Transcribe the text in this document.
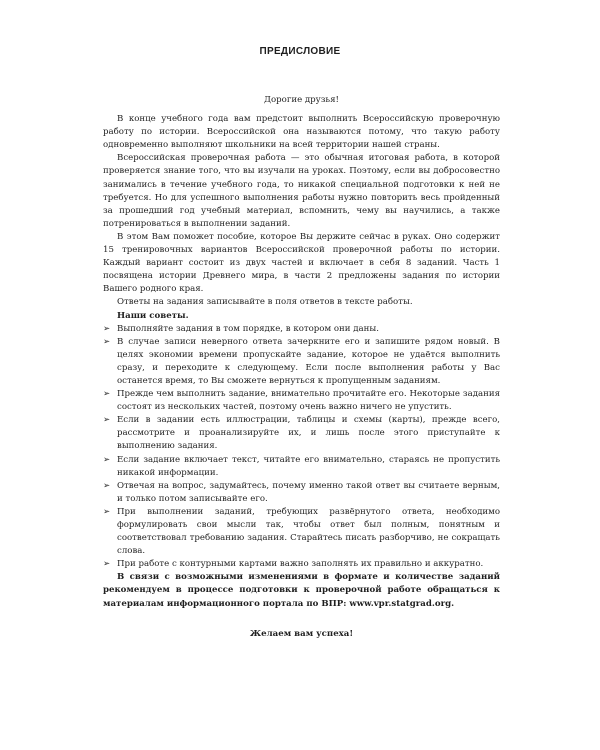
ПРЕДИСЛОВИЕ

Дорогие друзья!

В конце учебного года вам предстоит выполнить Всероссийскую проверочную работу по истории. Всероссийской она называются потому, что такую работу одновременно выполняют школьники на всей территории нашей страны.

Всероссийская проверочная работа — это обычная итоговая работа, в которой проверяется знание того, что вы изучали на уроках. Поэтому, если вы добросовестно занимались в течение учебного года, то никакой специальной подготовки к ней не требуется. Но для успешного выполнения работы нужно повторить весь пройденный за прошедший год учебный материал, вспомнить, чему вы научились, а также потренироваться в выполнении заданий.

В этом Вам поможет пособие, которое Вы держите сейчас в руках. Оно содержит 15 тренировочных вариантов Всероссийской проверочной работы по истории. Каждый вариант состоит из двух частей и включает в себя 8 заданий. Часть 1 посвящена истории Древнего мира, в части 2 предложены задания по истории Вашего родного края.

Ответы на задания записывайте в поля ответов в тексте работы.

Наши советы.

➢ Выполняйте задания в том порядке, в котором они даны.
➢ В случае записи неверного ответа зачеркните его и запишите рядом новый. В целях экономии времени пропускайте задание, которое не удаётся выполнить сразу, и переходите к следующему. Если после выполнения работы у Вас останется время, то Вы сможете вернуться к пропущенным заданиям.
➢ Прежде чем выполнить задание, внимательно прочитайте его. Некоторые задания состоят из нескольких частей, поэтому очень важно ничего не упустить.
➢ Если в задании есть иллюстрации, таблицы и схемы (карты), прежде всего, рассмотрите и проанализируйте их, и лишь после этого приступайте к выполнению задания.
➢ Если задание включает текст, читайте его внимательно, стараясь не пропустить никакой информации.
➢ Отвечая на вопрос, задумайтесь, почему именно такой ответ вы считаете верным, и только потом записывайте его.
➢ При выполнении заданий, требующих развёрнутого ответа, необходимо формулировать свои мысли так, чтобы ответ был полным, понятным и соответствовал требованию задания. Старайтесь писать разборчиво, не сокращать слова.
➢ При работе с контурными картами важно заполнять их правильно и аккуратно.

В связи с возможными изменениями в формате и количестве заданий рекомендуем в процессе подготовки к проверочной работе обращаться к материалам информационного портала по ВПР: www.vpr.statgrad.org.

Желаем вам успеха!
